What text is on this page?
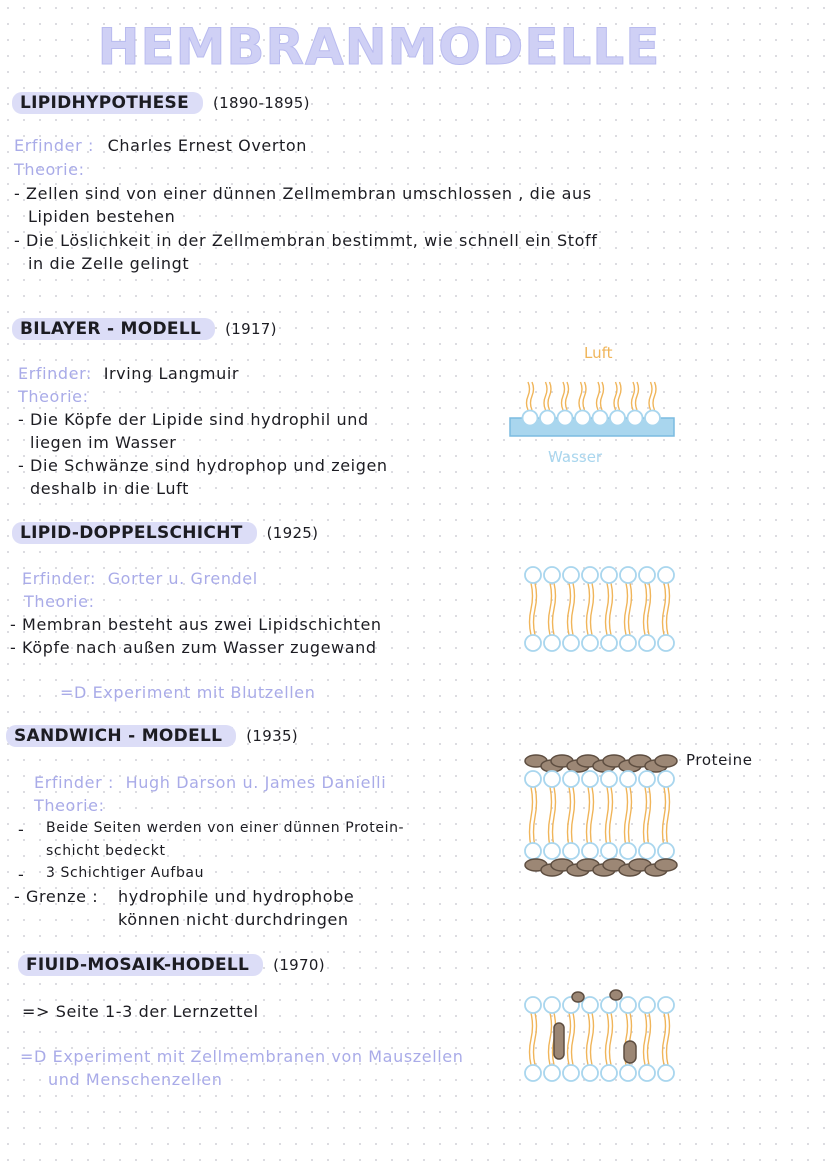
HEMBRANMODELLE
LIPIDHYPOTHESE (1890-1895)
Erfinder : Charles Ernest Overton
Theorie:
- Zellen sind von einer dünnen Zellmembran umschlossen , die aus
Lipiden bestehen
- Die Löslichkeit in der Zellmembran bestimmt, wie schnell ein Stoff
in die Zelle gelingt
BILAYER - MODELL (1917)
Erfinder: Irving Langmuir
Theorie:
- Die Köpfe der Lipide sind hydrophil und
liegen im Wasser
- Die Schwänze sind hydrophop und zeigen
deshalb in die Luft
Luft
Wasser
LIPID-DOPPELSCHICHT (1925)
Erfinder: Gorter u. Grendel
Theorie:
- Membran besteht aus zwei Lipidschichten
- Köpfe nach außen zum Wasser zugewand
=D Experiment mit Blutzellen
SANDWICH - MODELL (1935)
Erfinder : Hugh Darson u. James Danielli
Theorie:
- Beide Seiten werden von einer dünnen Protein-
schicht bedeckt
- 3 Schichtiger Aufbau
- Grenze : hydrophile und hydrophobe
können nicht durchdringen
Proteine
FIUID-MOSAIK-HODELL (1970)
=> Seite 1-3 der Lernzettel
=D Experiment mit Zellmembranen von Mauszellen
und Menschenzellen
